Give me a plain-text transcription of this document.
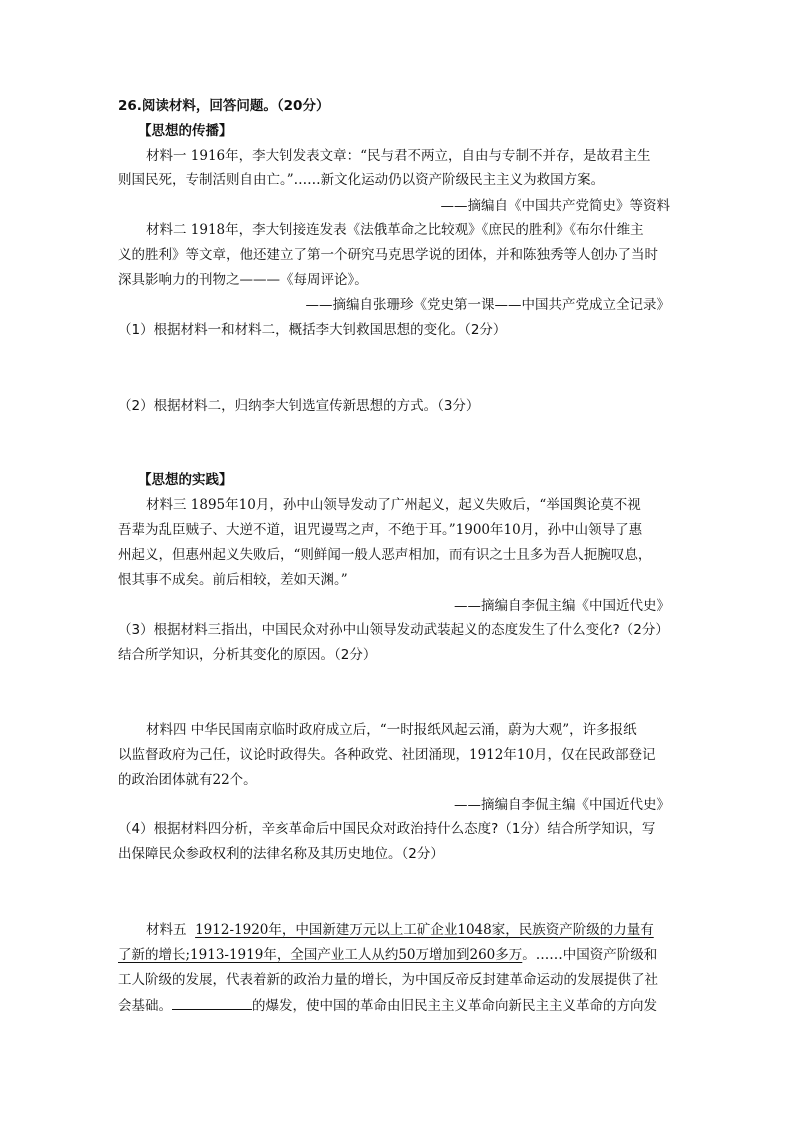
26.阅读材料，回答问题。（20分）
【思想的传播】
材料一 1916年，李大钊发表文章：“民与君不两立，自由与专制不并存，是故君主生
则国民死，专制活则自由亡。”……新文化运动仍以资产阶级民主主义为救国方案。
——摘编自《中国共产党简史》等资料
材料二 1918年，李大钊接连发表《法俄革命之比较观》《庶民的胜利》《布尔什维主
义的胜利》等文章，他还建立了第一个研究马克思学说的团体，并和陈独秀等人创办了当时
深具影响力的刊物之———《每周评论》。
——摘编自张珊珍《党史第一课——中国共产党成立全记录》
（1）根据材料一和材料二，概括李大钊救国思想的变化。（2分）
（2）根据材料二，归纳李大钊选宣传新思想的方式。（3分）
【思想的实践】
材料三 1895年10月，孙中山领导发动了广州起义，起义失败后，“举国舆论莫不视
吾辈为乱臣贼子、大逆不道，诅咒谩骂之声，不绝于耳。”1900年10月，孙中山领导了惠
州起义，但惠州起义失败后，“则鲜闻一般人恶声相加，而有识之士且多为吾人扼腕叹息，
恨其事不成矣。前后相较，差如天渊。”
——摘编自李侃主编《中国近代史》
（3）根据材料三指出，中国民众对孙中山领导发动武装起义的态度发生了什么变化?（2分）
结合所学知识，分析其变化的原因。（2分）
材料四 中华民国南京临时政府成立后，“一时报纸风起云涌，蔚为大观”，许多报纸
以监督政府为己任，议论时政得失。各种政党、社团涌现，1912年10月，仅在民政部登记
的政治团体就有22个。
——摘编自李侃主编《中国近代史》
（4）根据材料四分析，辛亥革命后中国民众对政治持什么态度?（1分）结合所学知识，写
出保障民众参政权利的法律名称及其历史地位。（2分）
材料五 1912-1920年，中国新建万元以上工矿企业1048家，民族资产阶级的力量有
了新的增长;1913-1919年，全国产业工人从约50万增加到260多万。……中国资产阶级和
工人阶级的发展，代表着新的政治力量的增长，为中国反帝反封建革命运动的发展提供了社
会基础。	的爆发，使中国的革命由旧民主主义革命向新民主主义革命的方向发
